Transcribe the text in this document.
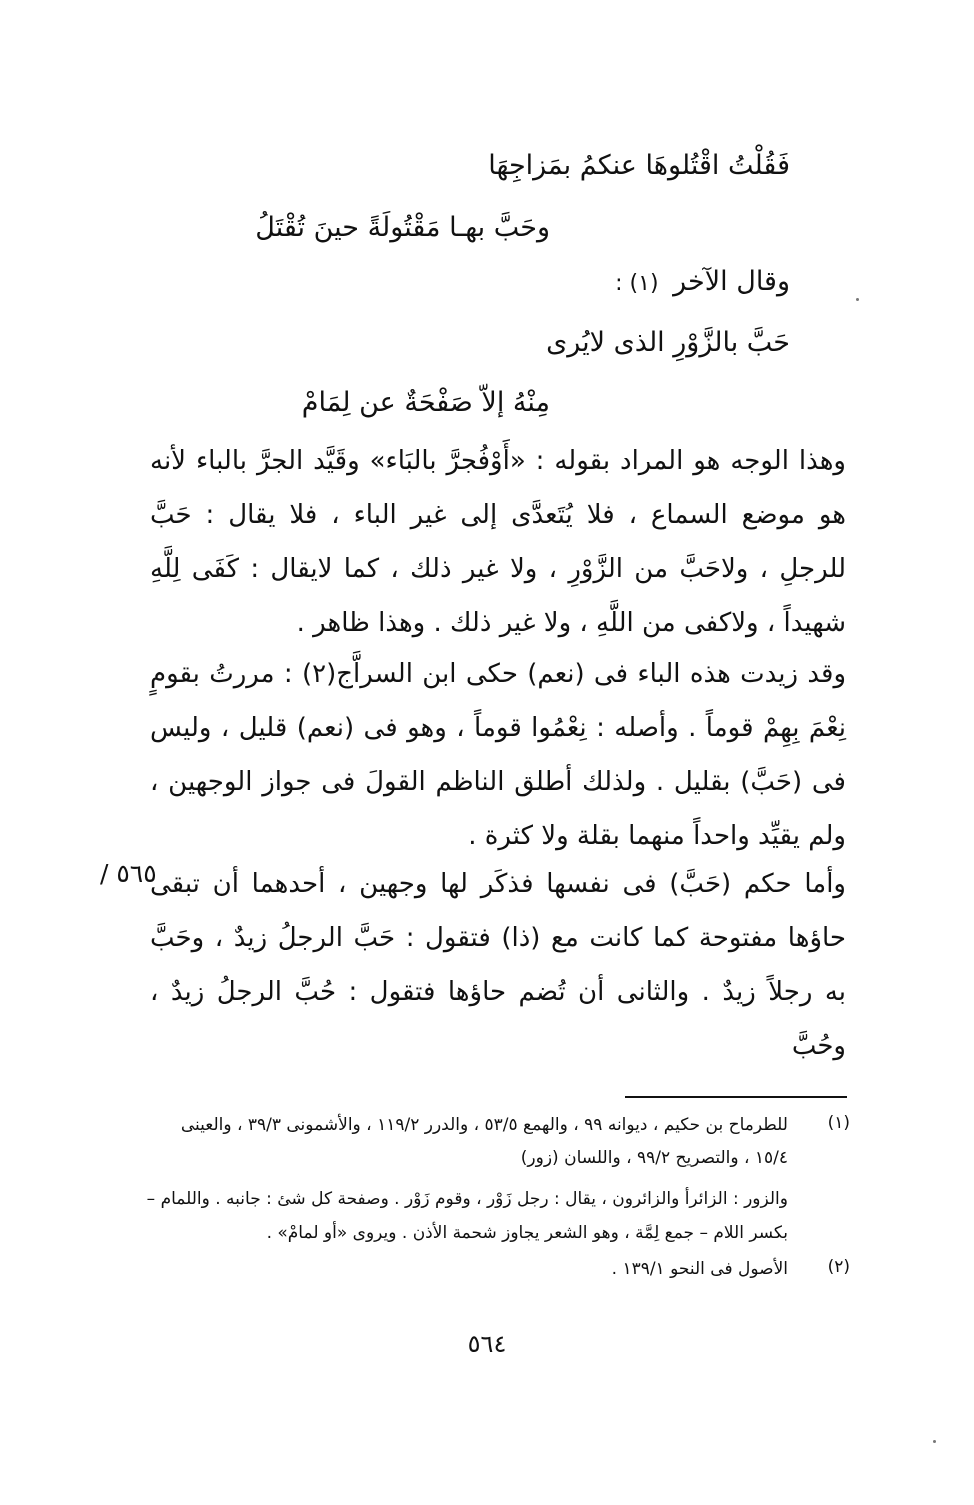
فَقُلْتُ اقْتُلوهَا عنكمُ بمَزاجِهَا
وحَبَّ بهـا مَقْتُولَةً حينَ تُقْتَلُ
وقال الآخر (١) :
حَبَّ بالزَّوْرِ الذى لايُرى
مِنْهُ إلاّ صَفْحَةٌ عن لِمَامْ
وهذا الوجه هو المراد بقوله : «أَوْفُجرَّ بالبَاء» وقَيَّد الجرَّ بالباء لأنه هو موضع السماع ، فلا يُتَعدَّى إلى غير الباء ، فلا يقال : حَبَّ للرجلِ ، ولاحَبَّ من الزَّوْرِ ، ولا غير ذلك ، كما لايقال : كَفَى لِلَّهِ شهيداً ، ولاكفى من اللَّهِ ، ولا غير ذلك . وهذا ظاهر .
وقد زيدت هذه الباء فى (نعم) حكى ابن السراَّج(٢) : مررتُ بقومٍ نِعْمَ بِهِمْ قوماً . وأصله : نِعْمُوا قوماً ، وهو فى (نعم) قليل ، وليس فى (حَبَّ) بقليل . ولذلك أطلق الناظم القولَ فى جواز الوجهين ، ولم يقيِّد واحداً منهما بقلة ولا كثرة .
وأما حكم (حَبَّ) فى نفسها فذكَر لها وجهين ، أحدهما أن تبقى حاؤها مفتوحة كما كانت مع (ذا) فتقول : حَبَّ الرجلُ زيدٌ ، وحَبَّ به رجلاً زيدٌ . والثانى أن تُضم حاؤها فتقول : حُبَّ الرجلُ زيدٌ ، وحُبَّ
٥٦٥ /
(١)
للطرماح بن حكيم ، ديوانه ٩٩ ، والهمع ٥٣/٥ ، والدرر ١١٩/٢ ، والأشمونى ٣٩/٣ ، والعينى
١٥/٤ ، والتصريح ٩٩/٢ ، واللسان (زور)
والزور : الزائرأ والزائرون ، يقال : رجل زَوْر ، وقوم زَوْر . وصفحة كل شئ : جانبه . واللمام –
بكسر اللام – جمع لِمَّة ، وهو الشعر يجاوز شحمة الأذن . ويروى «أو لمامْ» .
(٢)
الأصول فى النحو ١٣٩/١ .
٥٦٤
